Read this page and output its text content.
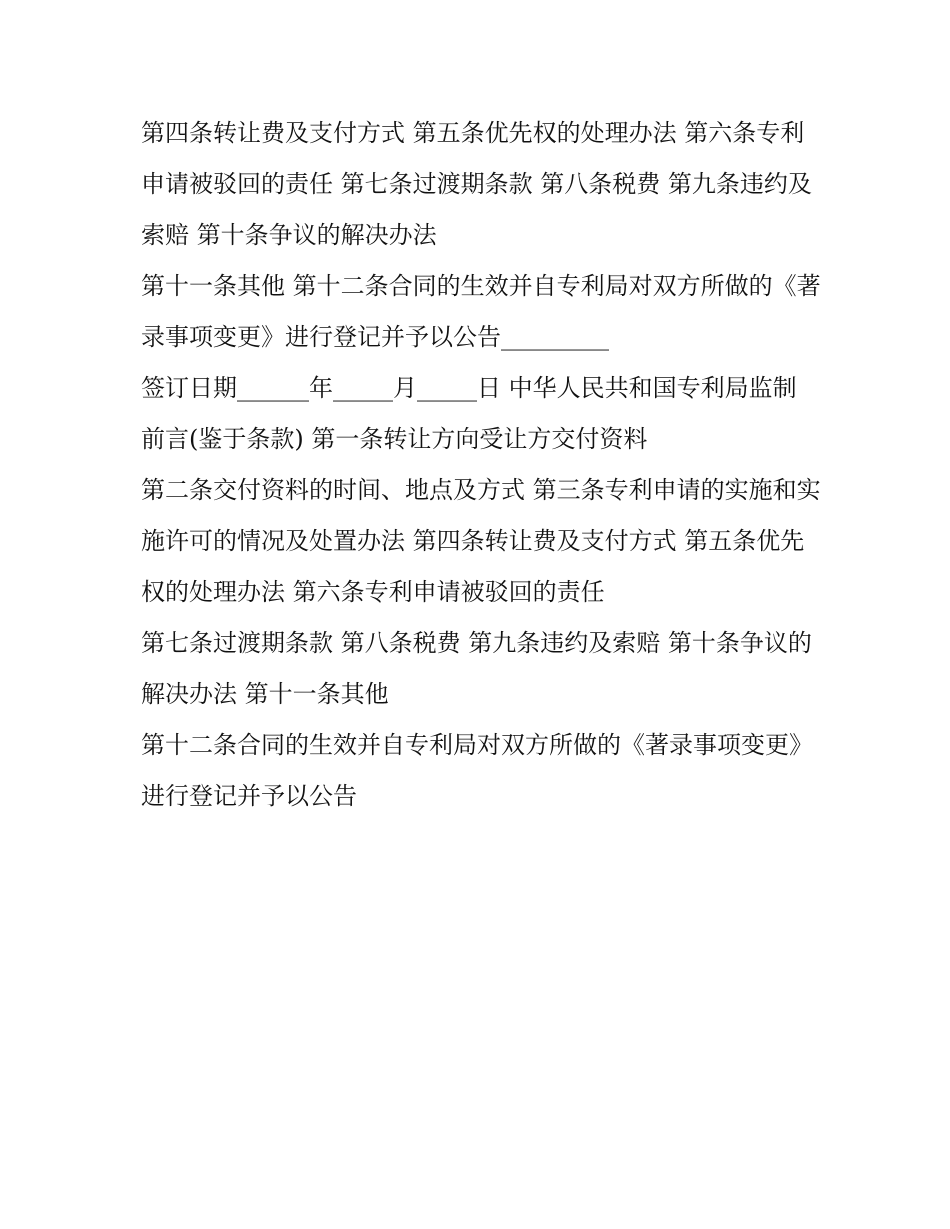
第四条转让费及支付方式 第五条优先权的处理办法 第六条专利申请被驳回的责任 第七条过渡期条款 第八条税费 第九条违约及索赔 第十条争议的解决办法

第十一条其他 第十二条合同的生效并自专利局对双方所做的《著录事项变更》进行登记并予以公告_________

签订日期______年_____月_____日 中华人民共和国专利局监制

前言(鉴于条款) 第一条转让方向受让方交付资料

第二条交付资料的时间、地点及方式 第三条专利申请的实施和实施许可的情况及处置办法 第四条转让费及支付方式 第五条优先权的处理办法 第六条专利申请被驳回的责任

第七条过渡期条款 第八条税费 第九条违约及索赔 第十条争议的解决办法 第十一条其他

第十二条合同的生效并自专利局对双方所做的《著录事项变更》进行登记并予以公告
